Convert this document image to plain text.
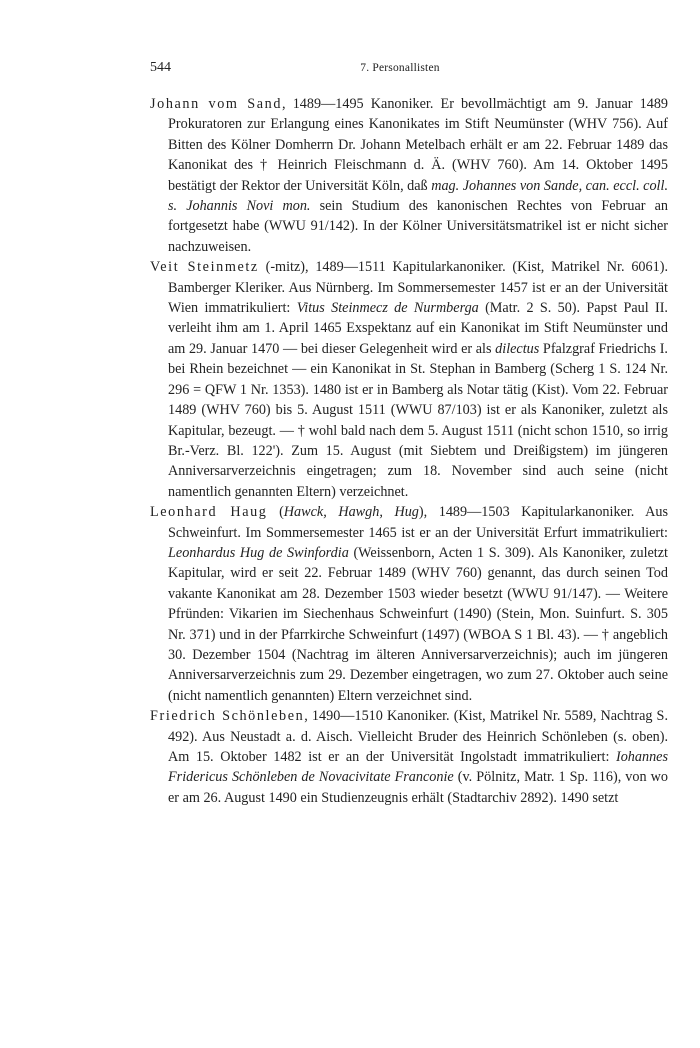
544	7. Personallisten

Johann vom Sand, 1489—1495 Kanoniker. Er bevollmächtigt am 9. Januar 1489 Prokuratoren zur Erlangung eines Kanonikates im Stift Neumünster (WHV 756). Auf Bitten des Kölner Domherrn Dr. Johann Metelbach erhält er am 22. Februar 1489 das Kanonikat des † Heinrich Fleischmann d. Ä. (WHV 760). Am 14. Oktober 1495 bestätigt der Rektor der Universität Köln, daß mag. Johannes von Sande, can. eccl. coll. s. Johannis Novi mon. sein Studium des kanonischen Rechtes von Februar an fortgesetzt habe (WWU 91/142). In der Kölner Universitätsmatrikel ist er nicht sicher nachzuweisen.

Veit Steinmetz (-mitz), 1489—1511 Kapitularkanoniker. (Kist, Matrikel Nr. 6061). Bamberger Kleriker. Aus Nürnberg. Im Sommersemester 1457 ist er an der Universität Wien immatrikuliert: Vitus Steinmecz de Nurmberga (Matr. 2 S. 50). Papst Paul II. verleiht ihm am 1. April 1465 Exspektanz auf ein Kanonikat im Stift Neumünster und am 29. Januar 1470 — bei dieser Gelegenheit wird er als dilectus Pfalzgraf Friedrichs I. bei Rhein bezeichnet — ein Kanonikat in St. Stephan in Bamberg (Scherg 1 S. 124 Nr. 296 = QFW 1 Nr. 1353). 1480 ist er in Bamberg als Notar tätig (Kist). Vom 22. Februar 1489 (WHV 760) bis 5. August 1511 (WWU 87/103) ist er als Kanoniker, zuletzt als Kapitular, bezeugt. — † wohl bald nach dem 5. August 1511 (nicht schon 1510, so irrig Br.-Verz. Bl. 122'). Zum 15. August (mit Siebtem und Dreißigstem) im jüngeren Anniversarverzeichnis eingetragen; zum 18. November sind auch seine (nicht namentlich genannten Eltern) verzeichnet.

Leonhard Haug (Hawck, Hawgh, Hug), 1489—1503 Kapitularkanoniker. Aus Schweinfurt. Im Sommersemester 1465 ist er an der Universität Erfurt immatrikuliert: Leonhardus Hug de Swinfordia (Weissenborn, Acten 1 S. 309). Als Kanoniker, zuletzt Kapitular, wird er seit 22. Februar 1489 (WHV 760) genannt, das durch seinen Tod vakante Kanonikat am 28. Dezember 1503 wieder besetzt (WWU 91/147). — Weitere Pfründen: Vikarien im Siechenhaus Schweinfurt (1490) (Stein, Mon. Suinfurt. S. 305 Nr. 371) und in der Pfarrkirche Schweinfurt (1497) (WBOA S 1 Bl. 43). — † angeblich 30. Dezember 1504 (Nachtrag im älteren Anniversarverzeichnis); auch im jüngeren Anniversarverzeichnis zum 29. Dezember eingetragen, wo zum 27. Oktober auch seine (nicht namentlich genannten) Eltern verzeichnet sind.

Friedrich Schönleben, 1490—1510 Kanoniker. (Kist, Matrikel Nr. 5589, Nachtrag S. 492). Aus Neustadt a. d. Aisch. Vielleicht Bruder des Heinrich Schönleben (s. oben). Am 15. Oktober 1482 ist er an der Universität Ingolstadt immatrikuliert: Iohannes Fridericus Schönleben de Novacivitate Franconie (v. Pölnitz, Matr. 1 Sp. 116), von wo er am 26. August 1490 ein Studienzeugnis erhält (Stadtarchiv 2892). 1490 setzt
